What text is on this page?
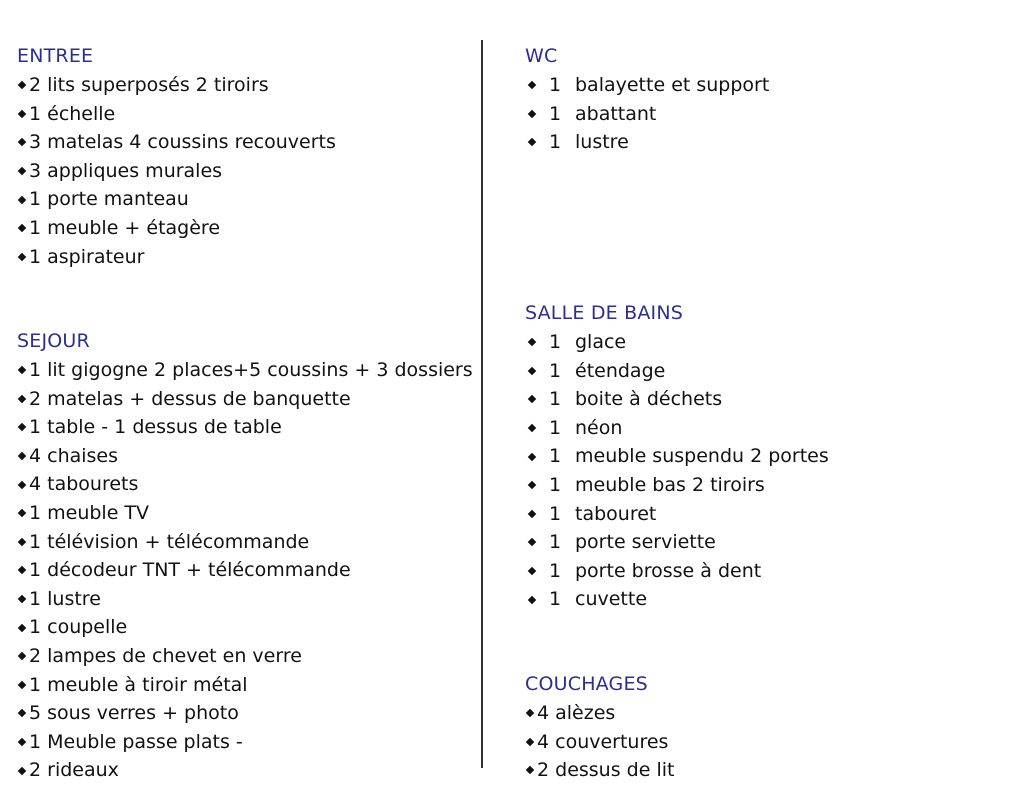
ENTREE
2 lits superposés 2 tiroirs
1 échelle
3 matelas 4 coussins recouverts
3 appliques murales
1 porte manteau
1 meuble + étagère
1 aspirateur
SEJOUR
1 lit gigogne 2 places+5 coussins + 3 dossiers
2 matelas + dessus de banquette
1 table - 1 dessus de table
4 chaises
4 tabourets
1 meuble TV
1 télévision + télécommande
1 décodeur TNT + télécommande
1 lustre
1 coupelle
2 lampes de chevet en verre
1 meuble à tiroir métal
5 sous verres + photo
1 Meuble passe plats -
2 rideaux
WC
1 balayette et support
1 abattant
1 lustre
SALLE DE BAINS
1 glace
1 étendage
1 boite à déchets
1 néon
1 meuble suspendu 2 portes
1 meuble bas 2 tiroirs
1 tabouret
1 porte serviette
1 porte brosse à dent
1 cuvette
COUCHAGES
4 alèzes
4 couvertures
2 dessus de lit
